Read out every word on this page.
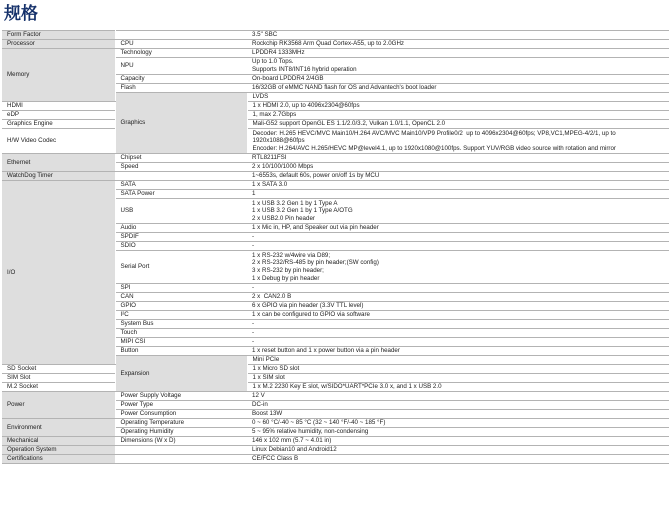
规格
Form Factor		3.5" SBC	
Processor	CPU	Rockchip RK3568 Arm Quad Cortex-A55, up to 2.0GHz	
Memory	Technology	LPDDR4 1333MHz	
	NPU	Up to 1.0 Tops.
Supports INT8/INT16 hybrid operation	
	Capacity	On-board LPDDR4 2/4GB	
	Flash	16/32GB of eMMC NAND flash for OS and Advantech's boot loader	
	Graphics	LVDS	
HDMI		1 x HDMI 2.0, up to 4096x2304@60fps	
eDP		1, max 2.7Gbps	
Graphics Engine		Mali-G52 support OpenGL ES 1.1/2.0/3.2, Vulkan 1.0/1.1, OpenCL 2.0	
H/W Video Codec		Decoder: H.265 HEVC/MVC Main10/H.264 AVC/MVC Main10/VP9 Profile0/2  up to 4096x2304@60fps; VP8,VC1,MPEG-4/2/1, up to 1920x1088@60fps
Encoder: H.264/AVC H.265/HEVC MP@level4.1, up to 1920x1080@100fps. Support YUV/RGB video source with rotation and mirror	
Ethernet	Chipset	RTL8211FSI	
	Speed	2 x 10/100/1000 Mbps	
WatchDog Timer		1~6553s, default 60s, power on/off 1s by MCU	
I/O	SATA	1 x SATA 3.0	
	SATA Power	1	
	USB	1 x USB 3.2 Gen 1 by 1 Type A
1 x USB 3.2 Gen 1 by 1 Type A/OTG
2 x USB2.0 Pin header	
	Audio	1 x Mic in, HP, and Speaker out via pin header	
	SPDIF	-	
	SDIO	-	
	Serial Port	1 x RS-232 w/4wire via D89;
2 x RS-232/RS-485 by pin header;(SW config)
3 x RS-232 by pin header;
1 x Debug by pin header	
	SPI	-	
	CAN	2 x  CAN2.0 B	
	GPIO	6 x GPIO via pin header (3.3V TTL level)	
	I²C	1 x can be configured to GPIO via software	
	System Bus	-	
	Touch	-	
	MIPI CSI	-	
	Button	1 x reset button and 1 x power button via a pin header	
	Expansion	Mini PCIe	
SD Socket		1 x Micro SD slot	
SIM Slot		1 x SIM slot	
M.2 Socket		1 x M.2 2230 Key E slot, w/SIDO*UART*PCIe 3.0 x, and 1 x USB 2.0	
Power	Power Supply Voltage	12 V	
	Power Type	DC-in	
	Power Consumption	Boost 13W	
Environment	Operating Temperature	0 ~ 60 °C/-40 ~ 85 °C (32 ~ 140 °F/-40 ~ 185 °F)	
	Operating Humidity	5 ~ 95% relative humidity, non-condensing	
Mechanical	Dimensions (W x D)	146 x 102 mm (5.7 ~ 4.01 in)	
Operation System		Linux Debian10 and Android12	
Certifications		CE/FCC Class B	
